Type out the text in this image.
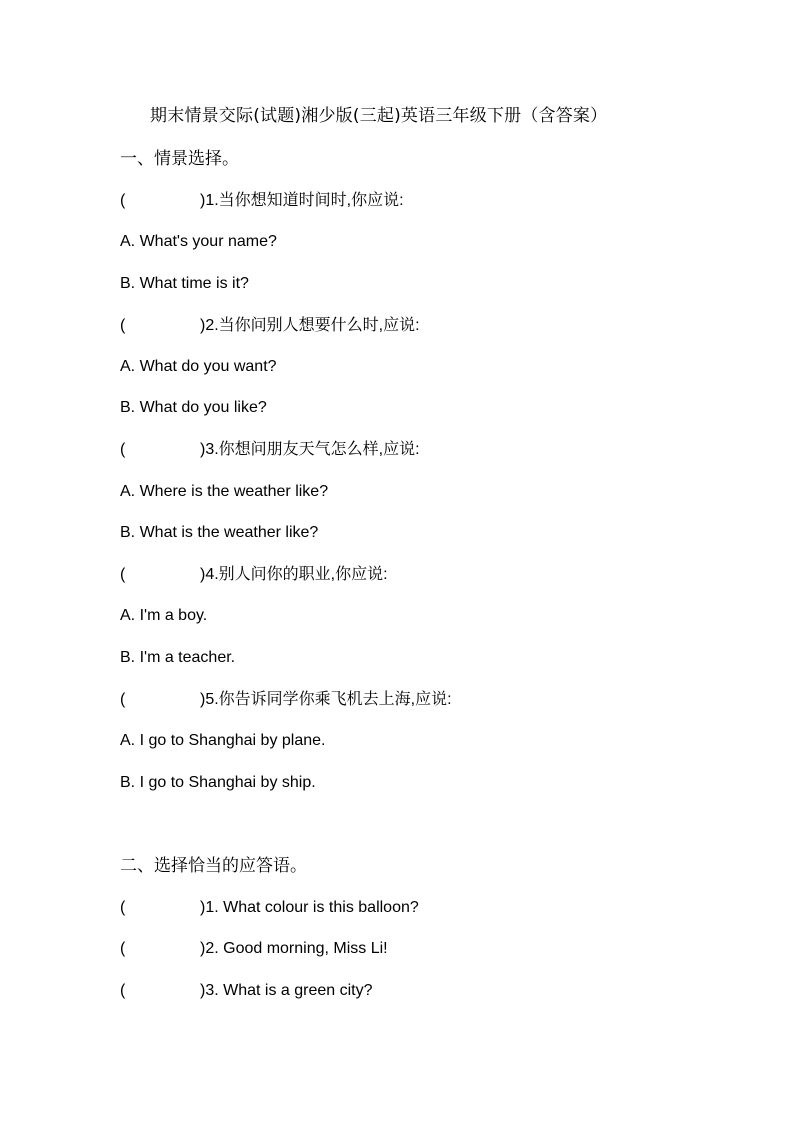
期末情景交际(试题)湘少版(三起)英语三年级下册（含答案）
一、情景选择。
(	)1.当你想知道时间时,你应说:
A. What's your name?
B. What time is it?
(	)2.当你问别人想要什么时,应说:
A. What do you want?
B. What do you like?
(	)3.你想问朋友天气怎么样,应说:
A. Where is the weather like?
B. What is the weather like?
(	)4.别人问你的职业,你应说:
A. I'm a boy.
B. I'm a teacher.
(	)5.你告诉同学你乘飞机去上海,应说:
A. I go to Shanghai by plane.
B. I go to Shanghai by ship.
二、选择恰当的应答语。
(	)1. What colour is this balloon?
(	)2. Good morning, Miss Li!
(	)3. What is a green city?
